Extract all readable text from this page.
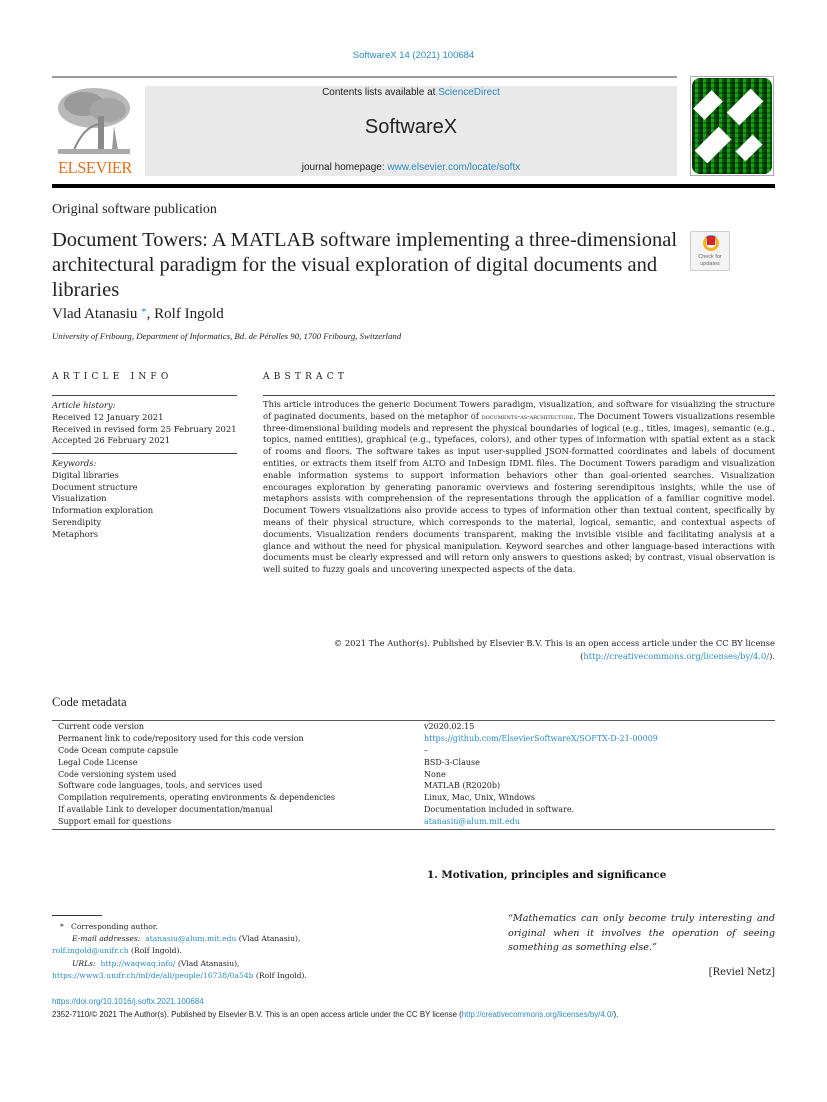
SoftwareX 14 (2021) 100684
ELSEVIER
Contents lists available at ScienceDirect
SoftwareX
journal homepage: www.elsevier.com/locate/softx
Original software publication
Document Towers: A MATLAB software implementing a three-dimensional architectural paradigm for the visual exploration of digital documents and libraries
Check for
updates
Vlad Atanasiu *, Rolf Ingold
University of Fribourg, Department of Informatics, Bd. de Pérolles 90, 1700 Fribourg, Switzerland
ARTICLE INFO
Article history:
Received 12 January 2021
Received in revised form 25 February 2021
Accepted 26 February 2021
Keywords:
Digital libraries
Document structure
Visualization
Information exploration
Serendipity
Metaphors
ABSTRACT
This article introduces the generic Document Towers paradigm, visualization, and software for visualizing the structure of paginated documents, based on the metaphor of documents-as-architecture. The Document Towers visualizations resemble three-dimensional building models and represent the physical boundaries of logical (e.g., titles, images), semantic (e.g., topics, named entities), graphical (e.g., typefaces, colors), and other types of information with spatial extent as a stack of rooms and floors. The software takes as input user-supplied JSON-formatted coordinates and labels of document entities, or extracts them itself from ALTO and InDesign IDML files. The Document Towers paradigm and visualization enable information systems to support information behaviors other than goal-oriented searches. Visualization encourages exploration by generating panoramic overviews and fostering serendipitous insights, while the use of metaphors assists with comprehension of the representations through the application of a familiar cognitive model. Document Towers visualizations also provide access to types of information other than textual content, specifically by means of their physical structure, which corresponds to the material, logical, semantic, and contextual aspects of documents. Visualization renders documents transparent, making the invisible visible and facilitating analysis at a glance and without the need for physical manipulation. Keyword searches and other language-based interactions with documents must be clearly expressed and will return only answers to questions asked; by contrast, visual observation is well suited to fuzzy goals and uncovering unexpected aspects of the data.
© 2021 The Author(s). Published by Elsevier B.V. This is an open access article under the CC BY license
(http://creativecommons.org/licenses/by/4.0/).
Code metadata
Current code version	v2020.02.15
Permanent link to code/repository used for this code version	https://github.com/ElsevierSoftwareX/SOFTX-D-21-00009
Code Ocean compute capsule	–
Legal Code License	BSD-3-Clause
Code versioning system used	None
Software code languages, tools, and services used	MATLAB (R2020b)
Compilation requirements, operating environments & dependencies	Linux, Mac, Unix, Windows
If available Link to developer documentation/manual	Documentation included in software.
Support email for questions	atanasiu@alum.mit.edu
1. Motivation, principles and significance
“Mathematics can only become truly interesting and original when it involves the operation of seeing something as something else.”
[Reviel Netz]
* Corresponding author.
E-mail addresses: atanasiu@alum.mit.edu (Vlad Atanasiu),
rolf.ingold@unifr.ch (Rolf Ingold).
URLs: http://waqwaq.info/ (Vlad Atanasiu),
https://www3.unifr.ch/inf/de/all/people/16738/0a54b (Rolf Ingold).
https://doi.org/10.1016/j.softx.2021.100684
2352-7110/© 2021 The Author(s). Published by Elsevier B.V. This is an open access article under the CC BY license (http://creativecommons.org/licenses/by/4.0/).
